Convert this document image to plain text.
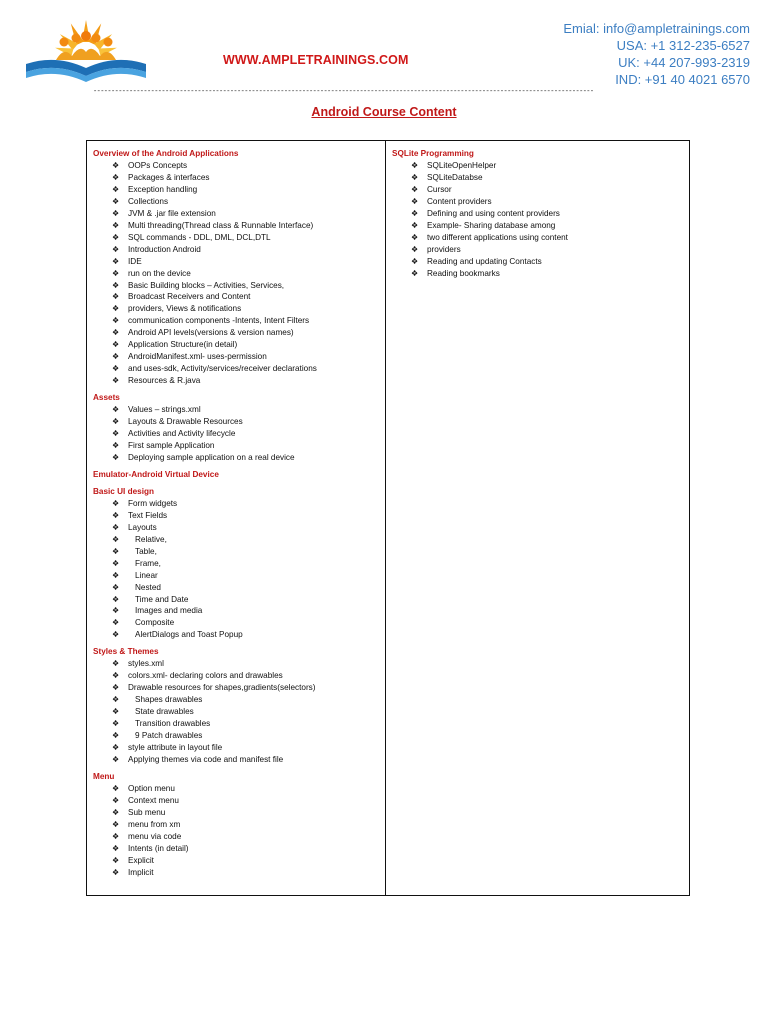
WWW.AMPLETRAININGS.COM
Emial: info@ampletrainings.com
USA: +1 312-235-6527
UK: +44 207-993-2319
IND: +91 40 4021 6570
-------------------------------------------------------------------------------------------------------------------------------------------
Android Course Content
Overview of the Android Applications
❖ OOPs Concepts
❖ Packages & interfaces
❖ Exception handling
❖ Collections
❖ JVM & .jar file extension
❖ Multi threading(Thread class & Runnable Interface)
❖ SQL commands - DDL, DML, DCL,DTL
❖ Introduction Android
❖ IDE
❖ run on the device
❖ Basic Building blocks – Activities, Services,
❖ Broadcast Receivers and Content
❖ providers, Views & notifications
❖ communication components -Intents, Intent Filters
❖ Android API levels(versions & version names)
❖ Application Structure(in detail)
❖ AndroidManifest.xml- uses-permission
❖ and uses-sdk, Activity/services/receiver declarations
❖ Resources & R.java
Assets
❖ Values – strings.xml
❖ Layouts & Drawable Resources
❖ Activities and Activity lifecycle
❖ First sample Application
❖ Deploying sample application on a real device
Emulator-Android Virtual Device
Basic UI design
❖ Form widgets
❖ Text Fields
❖ Layouts
❖ Relative,
❖ Table,
❖ Frame,
❖ Linear
❖ Nested
❖ Time and Date
❖ Images and media
❖ Composite
❖ AlertDialogs and Toast Popup
Styles & Themes
❖ styles.xml
❖ colors.xml- declaring colors and drawables
❖ Drawable resources for shapes,gradients(selectors)
❖ Shapes drawables
❖ State drawables
❖ Transition drawables
❖ 9 Patch drawables
❖ style attribute in layout file
❖ Applying themes via code and manifest file
Menu
❖ Option menu
❖ Context menu
❖ Sub menu
❖ menu from xm
❖ menu via code
❖ Intents (in detail)
❖ Explicit
❖ Implicit
SQLite Programming
❖ SQLiteOpenHelper
❖ SQLiteDatabse
❖ Cursor
❖ Content providers
❖ Defining and using content providers
❖ Example- Sharing database among
❖ two different applications using content
❖ providers
❖ Reading and updating Contacts
❖ Reading bookmarks
